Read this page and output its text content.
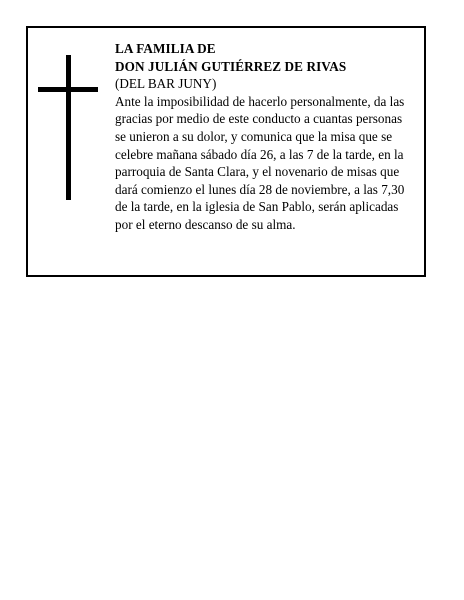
LA FAMILIA DE
DON JULIÁN GUTIÉRREZ DE RIVAS
(DEL BAR JUNY)
Ante la imposibilidad de hacerlo personalmente, da las
gracias por medio de este conducto a cuantas personas
se unieron a su dolor, y comunica que la misa que se
celebre mañana sábado día 26, a las 7 de la tarde, en la
parroquia de Santa Clara, y el novenario de misas que
dará comienzo el lunes día 28 de noviembre, a las 7,30
de la tarde, en la iglesia de San Pablo, serán aplicadas
por el eterno descanso de su alma.
